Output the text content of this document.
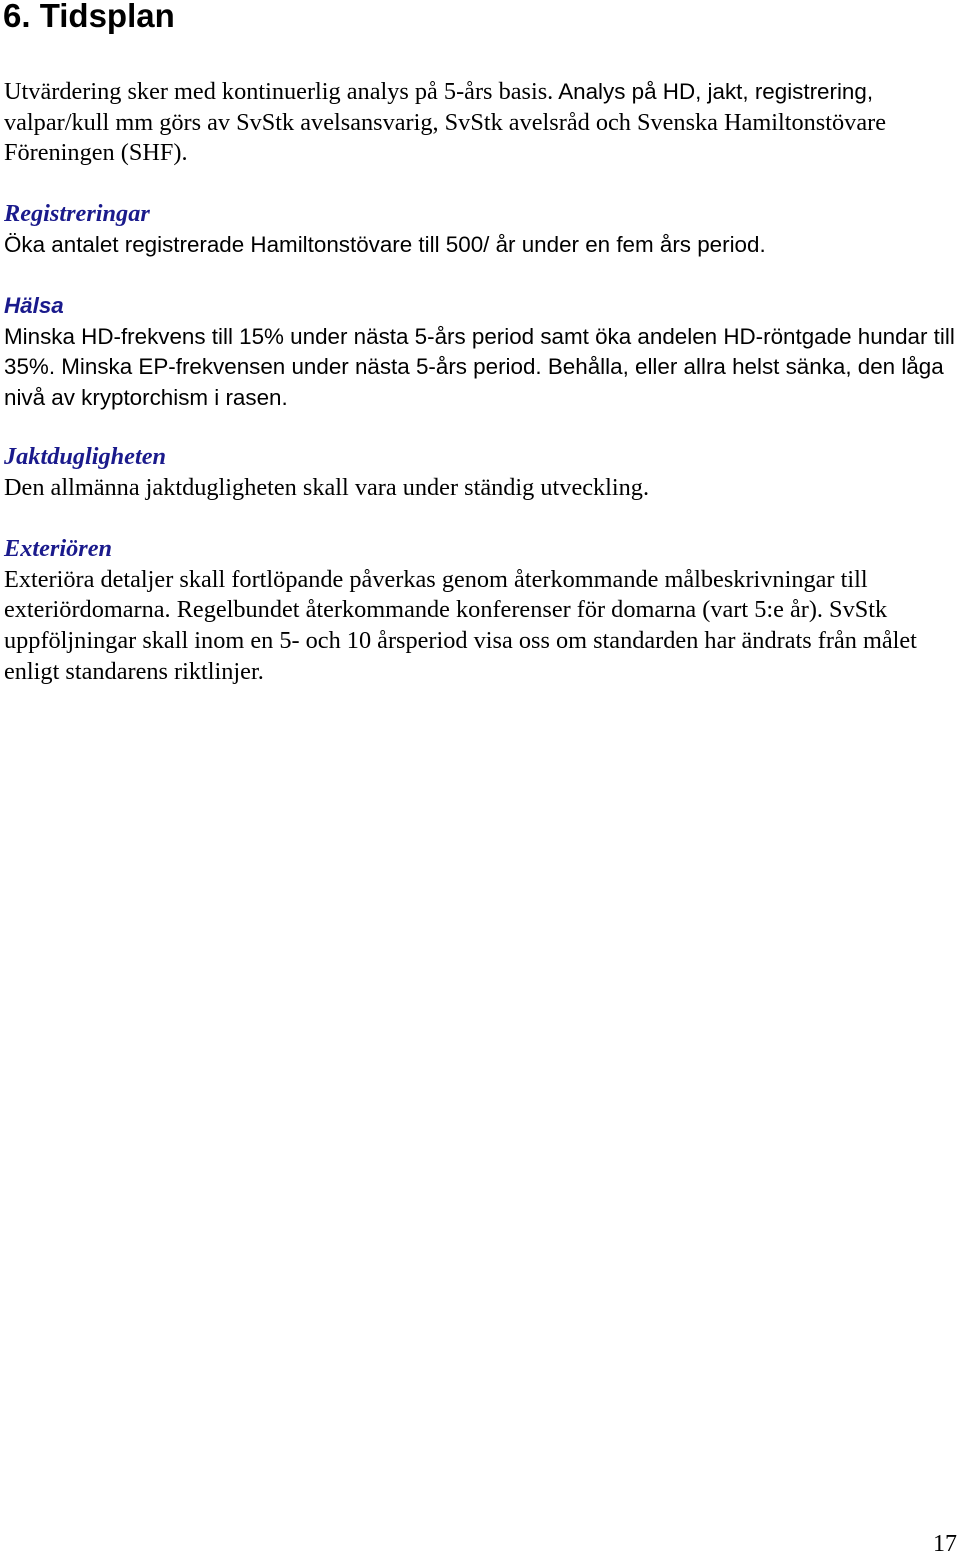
6. Tidsplan

Utvärdering sker med kontinuerlig analys på 5-års basis. Analys på HD, jakt, registrering, valpar/kull mm görs av SvStk avelsansvarig, SvStk avelsråd och Svenska Hamiltonstövare Föreningen (SHF).

Registreringar
Öka antalet registrerade Hamiltonstövare till 500/ år under en fem års period.
Hälsa
Minska HD-frekvens till 15% under nästa 5-års period samt öka andelen HD-röntgade hundar till 35%. Minska EP-frekvensen under nästa 5-års period. Behålla, eller allra helst sänka, den låga nivå av kryptorchism i rasen.
Jaktdugligheten
Den allmänna jaktdugligheten skall vara under ständig utveckling.
Exteriören
Exteriöra detaljer skall fortlöpande påverkas genom återkommande målbeskrivningar till exteriördomarna. Regelbundet återkommande konferenser för domarna (vart 5:e år). SvStk uppföljningar skall inom en 5- och 10 årsperiod visa oss om standarden har ändrats från målet enligt standarens riktlinjer.
17
